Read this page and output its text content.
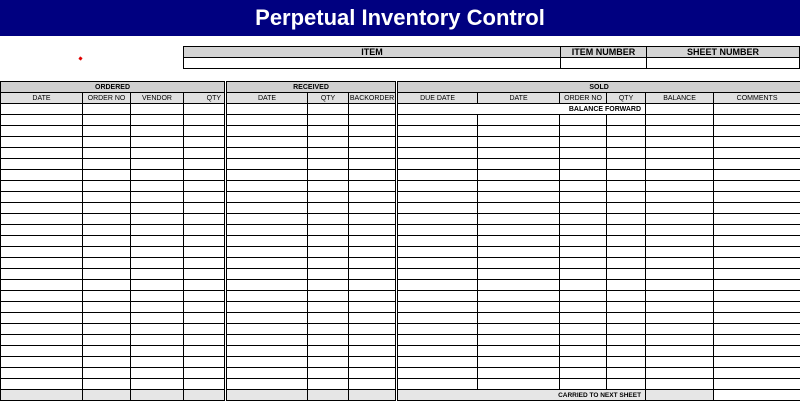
Perpetual Inventory Control
ITEM	ITEM NUMBER	SHEET NUMBER
ORDERED				RECEIVED			SOLD					
DATE	ORDER NO	VENDOR	QTY	DATE	QTY	BACKORDER	DUE DATE	DATE	ORDER NO	QTY	BALANCE	COMMENTS
							BALANCE FORWARD					

							CARRIED TO NEXT SHEET					
